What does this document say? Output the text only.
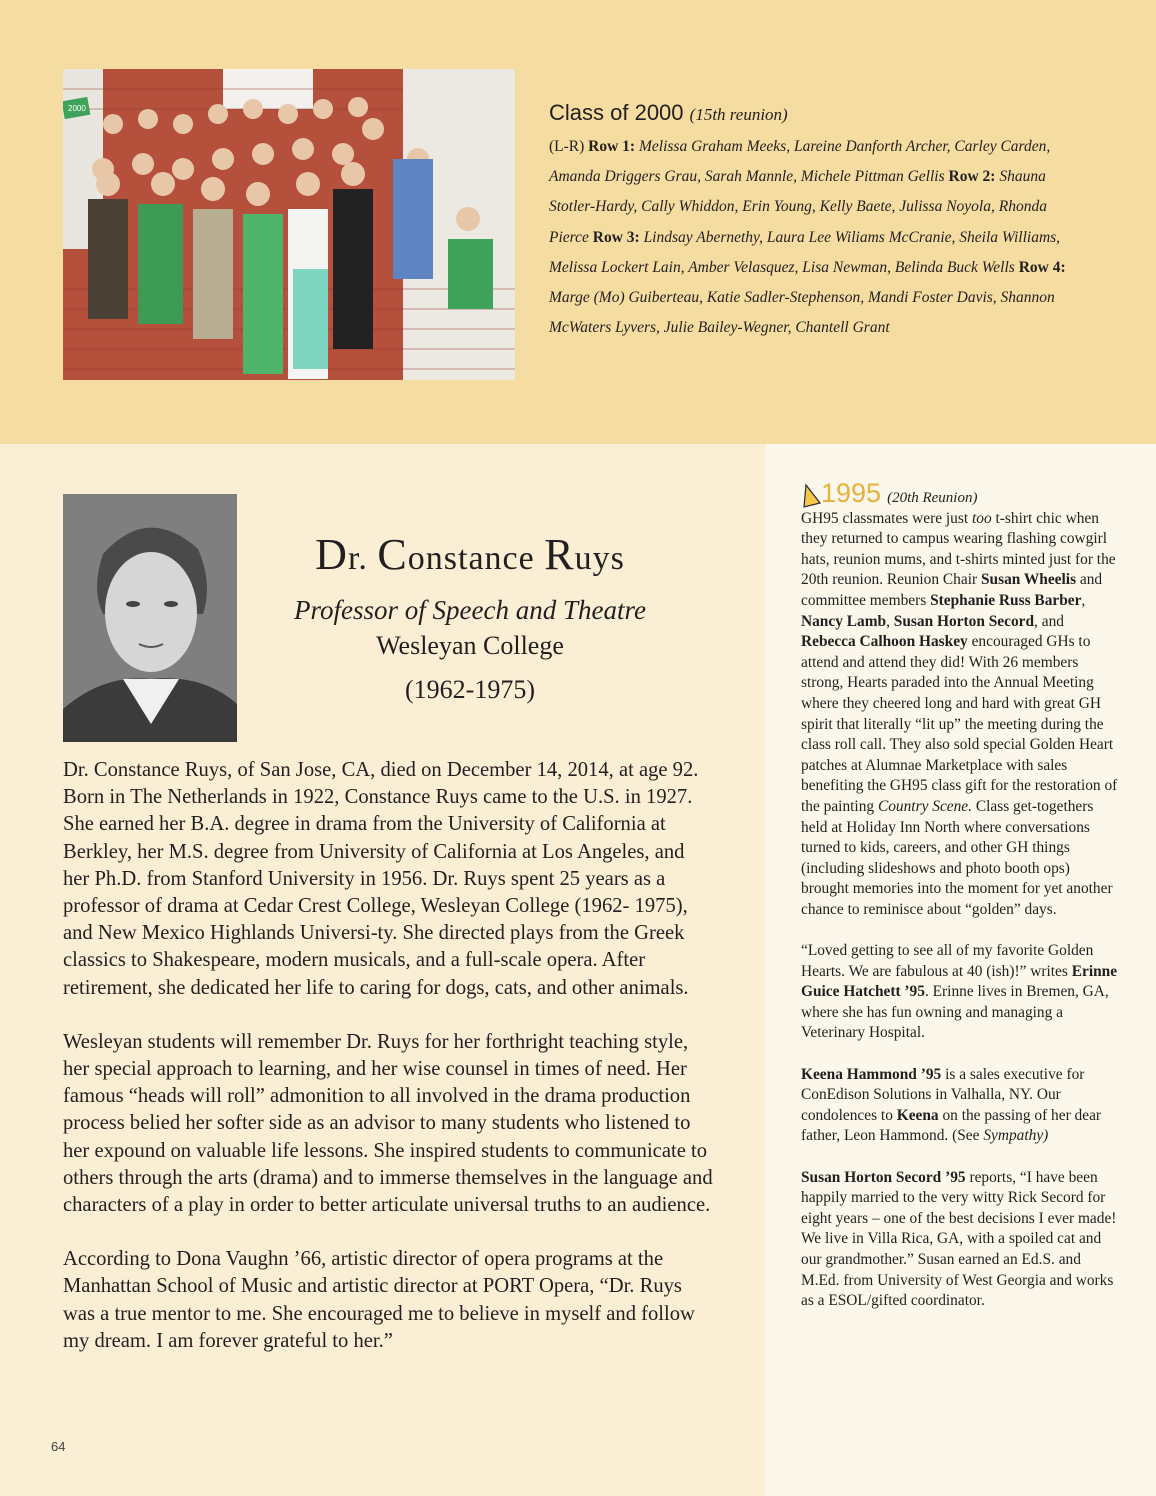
2000	Class of 2000 (15th reunion)

(L-R) Row 1: Melissa Graham Meeks, Lareine Danforth Archer, Carley Carden, Amanda Driggers Grau, Sarah Mannle, Michele Pittman Gellis Row 2: Shauna Stotler-Hardy, Cally Whiddon, Erin Young, Kelly Baete, Julissa Noyola, Rhonda Pierce Row 3: Lindsay Abernethy, Laura Lee Wiliams McCranie, Sheila Williams, Melissa Lockert Lain, Amber Velasquez, Lisa Newman, Belinda Buck Wells Row 4: Marge (Mo) Guiberteau, Katie Sadler-Stephenson, Mandi Foster Davis, Shannon McWaters Lyvers, Julie Bailey-Wegner, Chantell Grant

Dr. Constance Ruys
Professor of Speech and Theatre
Wesleyan College
(1962-1975)

Dr. Constance Ruys, of San Jose, CA, died on December 14, 2014, at age 92. Born in The Netherlands in 1922, Constance Ruys came to the U.S. in 1927. She earned her B.A. degree in drama from the University of California at Berkley, her M.S. degree from University of California at Los Angeles, and her Ph.D. from Stanford University in 1956. Dr. Ruys spent 25 years as a professor of drama at Cedar Crest College, Wesleyan College (1962- 1975), and New Mexico Highlands Universi-ty. She directed plays from the Greek classics to Shakespeare, modern musicals, and a full-scale opera. After retirement, she dedicated her life to caring for dogs, cats, and other animals.

Wesleyan students will remember Dr. Ruys for her forthright teaching style, her special approach to learning, and her wise counsel in times of need. Her famous “heads will roll” admonition to all involved in the drama production process belied her softer side as an advisor to many students who listened to her expound on valuable life lessons. She inspired students to communicate to others through the arts (drama) and to immerse themselves in the language and characters of a play in order to better articulate universal truths to an audience.

According to Dona Vaughn ’66, artistic director of opera programs at the Manhattan School of Music and artistic director at PORT Opera, “Dr. Ruys was a true mentor to me. She encouraged me to believe in myself and follow my dream. I am forever grateful to her.”

64
1995 (20th Reunion)

GH95 classmates were just too t-shirt chic when they returned to campus wearing flashing cowgirl hats, reunion mums, and t-shirts minted just for the 20th reunion. Reunion Chair Susan Wheelis and committee members Stephanie Russ Barber, Nancy Lamb, Susan Horton Secord, and Rebecca Calhoon Haskey encouraged GHs to attend and attend they did! With 26 members strong, Hearts paraded into the Annual Meeting where they cheered long and hard with great GH spirit that literally “lit up” the meeting during the class roll call. They also sold special Golden Heart patches at Alumnae Marketplace with sales benefiting the GH95 class gift for the restoration of the painting Country Scene. Class get-togethers held at Holiday Inn North where conversations turned to kids, careers, and other GH things (including slideshows and photo booth ops) brought memories into the moment for yet another chance to reminisce about “golden” days.

“Loved getting to see all of my favorite Golden Hearts. We are fabulous at 40 (ish)!” writes Erinne Guice Hatchett ’95. Erinne lives in Bremen, GA, where she has fun owning and managing a Veterinary Hospital.

Keena Hammond ’95 is a sales executive for ConEdison Solutions in Valhalla, NY. Our condolences to Keena on the passing of her dear father, Leon Hammond. (See Sympathy)

Susan Horton Secord ’95 reports, “I have been happily married to the very witty Rick Secord for eight years – one of the best decisions I ever made! We live in Villa Rica, GA, with a spoiled cat and our grandmother.” Susan earned an Ed.S. and M.Ed. from University of West Georgia and works as a ESOL/gifted coordinator.
